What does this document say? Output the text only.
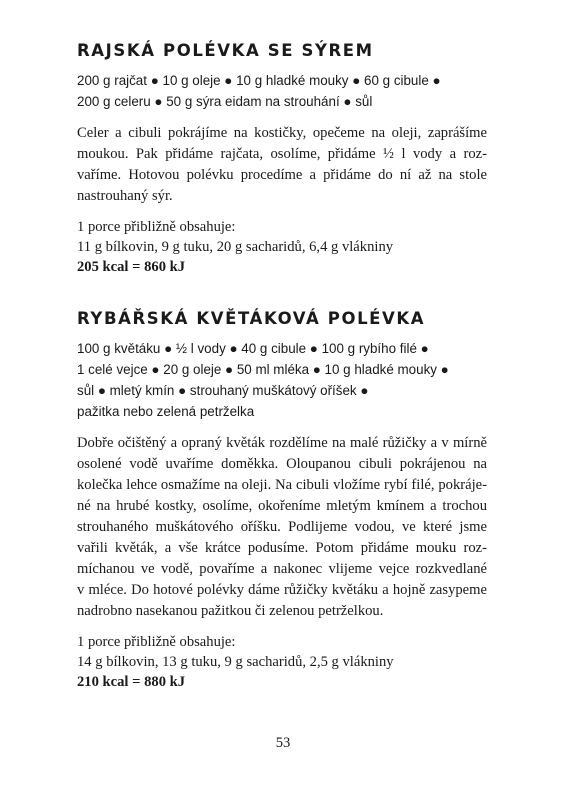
RAJSKÁ POLÉVKA SE SÝREM
200 g rajčat ● 10 g oleje ● 10 g hladké mouky ● 60 g cibule ●
200 g celeru ● 50 g sýra eidam na strouhání ● sůl
Celer a cibuli pokrájíme na kostičky, opečeme na oleji, zaprášíme
moukou. Pak přidáme rajčata, osolíme, přidáme ½ l vody a roz-
vaříme. Hotovou polévku procedíme a přidáme do ní až na stole
nastrouhaný sýr.
1 porce přibližně obsahuje:
11 g bílkovin, 9 g tuku, 20 g sacharidů, 6,4 g vlákniny
205 kcal = 860 kJ
RYBÁŘSKÁ KVĚTÁKOVÁ POLÉVKA
100 g květáku ● ½ l vody ● 40 g cibule ● 100 g rybího filé ●
1 celé vejce ● 20 g oleje ● 50 ml mléka ● 10 g hladké mouky ●
sůl ● mletý kmín ● strouhaný muškátový oříšek ●
pažitka nebo zelená petrželka
Dobře očištěný a opraný květák rozdělíme na malé růžičky a v mírně
osolené vodě uvaříme doměkka. Oloupanou cibuli pokrájenou na
kolečka lehce osmažíme na oleji. Na cibuli vložíme rybí filé, pokrájе-
né na hrubé kostky, osolíme, okořeníme mletým kmínem a trochou
strouhaného muškátového oříšku. Podlijeme vodou, ve které jsme
vařili květák, a vše krátce podusíme. Potom přidáme mouku roz-
míchanou ve vodě, povaříme a nakonec vlijeme vejce rozkvedlané
v mléce. Do hotové polévky dáme růžičky květáku a hojně zasypeme
nadrobno nasekanou pažitkou či zelenou petrželkou.
1 porce přibližně obsahuje:
14 g bílkovin, 13 g tuku, 9 g sacharidů, 2,5 g vlákniny
210 kcal = 880 kJ
53
